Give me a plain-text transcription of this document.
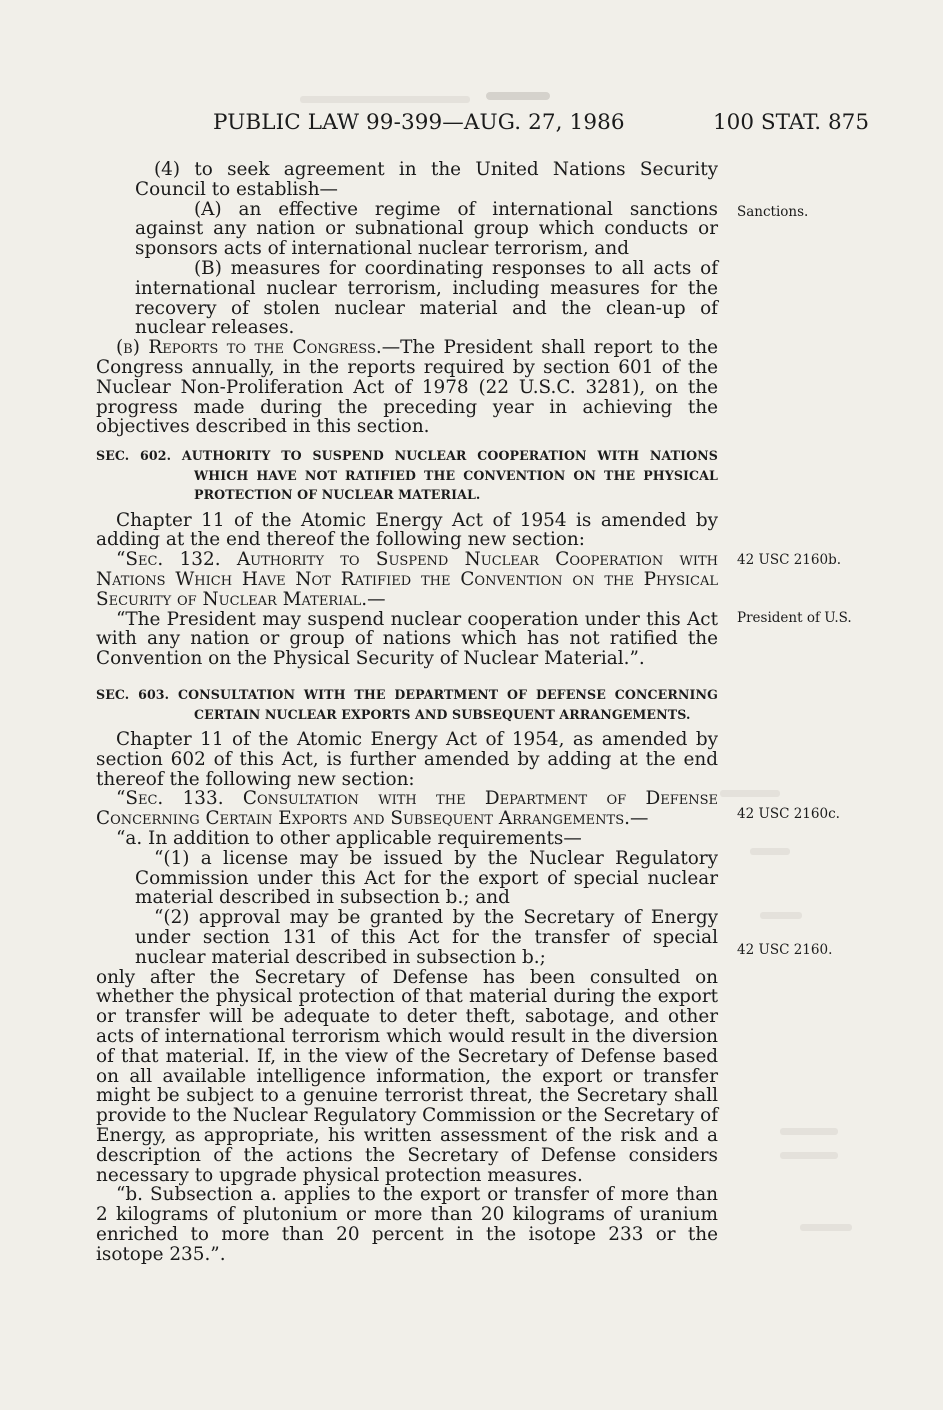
PUBLIC LAW 99-399—AUG. 27, 1986	100 STAT. 875

(4) to seek agreement in the United Nations Security Council to establish—

(A) an effective regime of international sanctions against any nation or subnational group which conducts or sponsors acts of international nuclear terrorism, and

(B) measures for coordinating responses to all acts of international nuclear terrorism, including measures for the recovery of stolen nuclear material and the clean-up of nuclear releases.

(b) Reports to the Congress.—The President shall report to the Congress annually, in the reports required by section 601 of the Nuclear Non-Proliferation Act of 1978 (22 U.S.C. 3281), on the progress made during the preceding year in achieving the objectives described in this section.

SEC. 602. AUTHORITY TO SUSPEND NUCLEAR COOPERATION WITH NATIONS WHICH HAVE NOT RATIFIED THE CONVENTION ON THE PHYSICAL PROTECTION OF NUCLEAR MATERIAL.

Chapter 11 of the Atomic Energy Act of 1954 is amended by adding at the end thereof the following new section:

“Sec. 132. Authority to Suspend Nuclear Cooperation with Nations Which Have Not Ratified the Convention on the Physical Security of Nuclear Material.—

“The President may suspend nuclear cooperation under this Act with any nation or group of nations which has not ratified the Convention on the Physical Security of Nuclear Material.”.

SEC. 603. CONSULTATION WITH THE DEPARTMENT OF DEFENSE CONCERNING CERTAIN NUCLEAR EXPORTS AND SUBSEQUENT ARRANGEMENTS.

Chapter 11 of the Atomic Energy Act of 1954, as amended by section 602 of this Act, is further amended by adding at the end thereof the following new section:

“Sec. 133. Consultation with the Department of Defense Concerning Certain Exports and Subsequent Arrangements.—

“a. In addition to other applicable requirements—

“(1) a license may be issued by the Nuclear Regulatory Commission under this Act for the export of special nuclear material described in subsection b.; and

“(2) approval may be granted by the Secretary of Energy under section 131 of this Act for the transfer of special nuclear material described in subsection b.;

only after the Secretary of Defense has been consulted on whether the physical protection of that material during the export or transfer will be adequate to deter theft, sabotage, and other acts of international terrorism which would result in the diversion of that material. If, in the view of the Secretary of Defense based on all available intelligence information, the export or transfer might be subject to a genuine terrorist threat, the Secretary shall provide to the Nuclear Regulatory Commission or the Secretary of Energy, as appropriate, his written assessment of the risk and a description of the actions the Secretary of Defense considers necessary to upgrade physical protection measures.

“b. Subsection a. applies to the export or transfer of more than 2 kilograms of plutonium or more than 20 kilograms of uranium enriched to more than 20 percent in the isotope 233 or the isotope 235.”.

Sanctions.
42 USC 2160b.
President of U.S.
42 USC 2160c.
42 USC 2160.
